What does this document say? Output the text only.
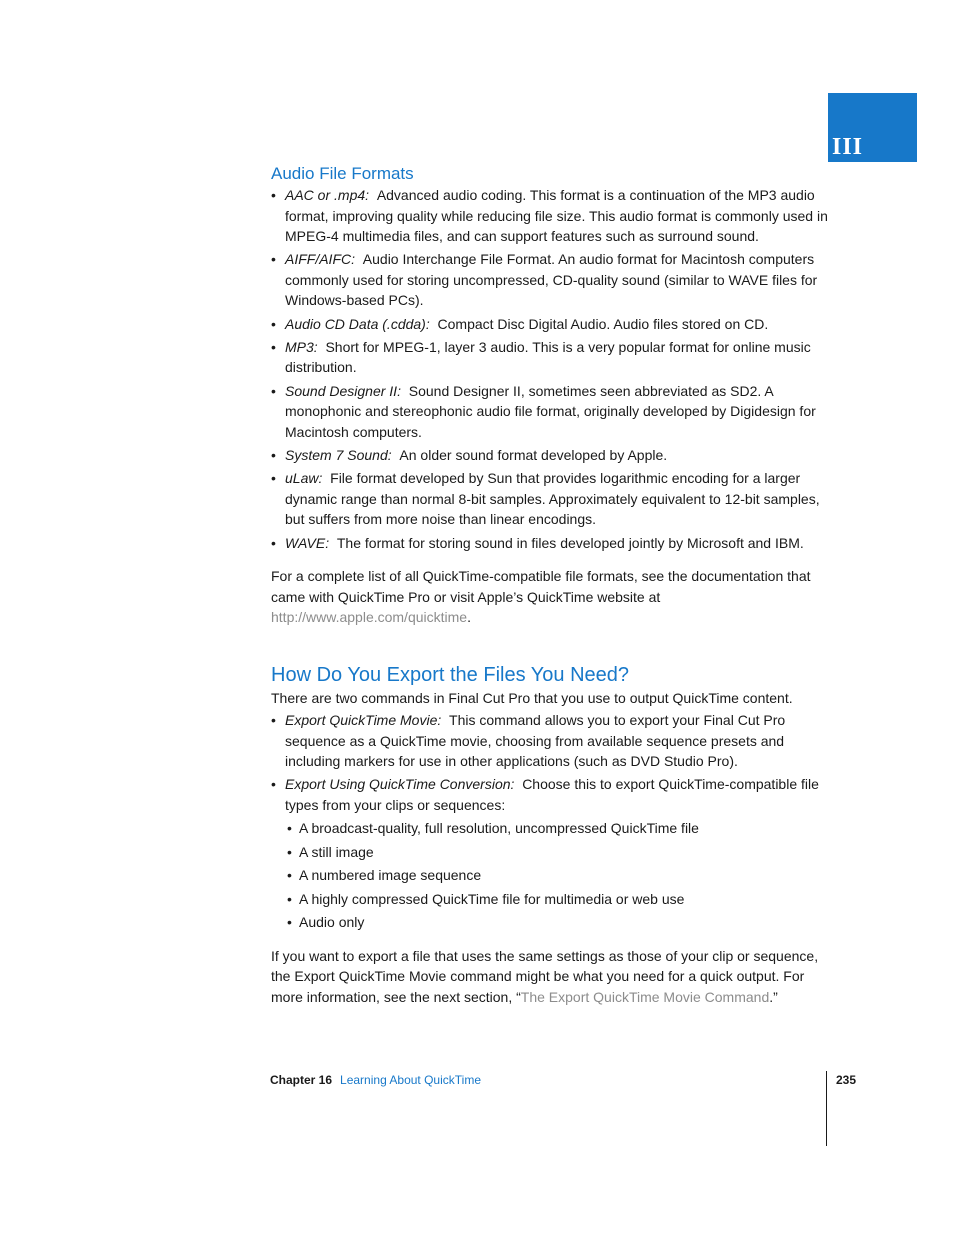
III
Audio File Formats
• AAC or .mp4: Advanced audio coding. This format is a continuation of the MP3 audio format, improving quality while reducing file size. This audio format is commonly used in MPEG-4 multimedia files, and can support features such as surround sound.
• AIFF/AIFC: Audio Interchange File Format. An audio format for Macintosh computers commonly used for storing uncompressed, CD-quality sound (similar to WAVE files for Windows-based PCs).
• Audio CD Data (.cdda): Compact Disc Digital Audio. Audio files stored on CD.
• MP3: Short for MPEG-1, layer 3 audio. This is a very popular format for online music distribution.
• Sound Designer II: Sound Designer II, sometimes seen abbreviated as SD2. A monophonic and stereophonic audio file format, originally developed by Digidesign for Macintosh computers.
• System 7 Sound: An older sound format developed by Apple.
• uLaw: File format developed by Sun that provides logarithmic encoding for a larger dynamic range than normal 8-bit samples. Approximately equivalent to 12-bit samples, but suffers from more noise than linear encodings.
• WAVE: The format for storing sound in files developed jointly by Microsoft and IBM.

For a complete list of all QuickTime-compatible file formats, see the documentation that came with QuickTime Pro or visit Apple’s QuickTime website at http://www.apple.com/quicktime.

How Do You Export the Files You Need?

There are two commands in Final Cut Pro that you use to output QuickTime content.

• Export QuickTime Movie: This command allows you to export your Final Cut Pro sequence as a QuickTime movie, choosing from available sequence presets and including markers for use in other applications (such as DVD Studio Pro).
• Export Using QuickTime Conversion: Choose this to export QuickTime-compatible file types from your clips or sequences:
• A broadcast-quality, full resolution, uncompressed QuickTime file
• A still image
• A numbered image sequence
• A highly compressed QuickTime file for multimedia or web use
• Audio only

If you want to export a file that uses the same settings as those of your clip or sequence, the Export QuickTime Movie command might be what you need for a quick output. For more information, see the next section, “The Export QuickTime Movie Command.”

Chapter 16 Learning About QuickTime	235
